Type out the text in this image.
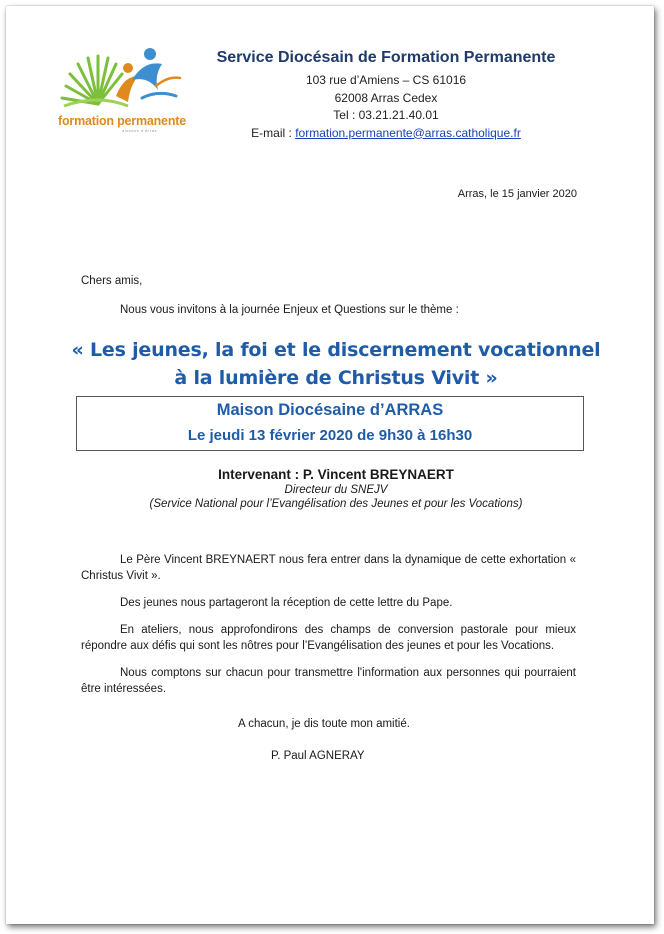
formation permanente
diocèse d'Arras
Service Diocésain de Formation Permanente
103 rue d’Amiens – CS 61016
62008 Arras Cedex
Tel : 03.21.21.40.01
E-mail : formation.permanente@arras.catholique.fr
Arras, le 15 janvier 2020
Chers amis,
Nous vous invitons à la journée Enjeux et Questions sur le thème :
« Les jeunes, la foi et le discernement vocationnel
à la lumière de Christus Vivit »
Maison Diocésaine d’ARRAS
Le jeudi 13 février 2020 de 9h30 à 16h30
Intervenant : P. Vincent BREYNAERT
Directeur du SNEJV
(Service National pour l’Evangélisation des Jeunes et pour les Vocations)

Le Père Vincent BREYNAERT nous fera entrer dans la dynamique de cette exhortation « Christus Vivit ».

Des jeunes nous partageront la réception de cette lettre du Pape.

En ateliers, nous approfondirons des champs de conversion pastorale pour mieux répondre aux défis qui sont les nôtres pour l’Evangélisation des jeunes et pour les Vocations.

Nous comptons sur chacun pour transmettre l'information aux personnes qui pourraient être intéressées.

A chacun, je dis toute mon amitié.
P. Paul AGNERAY
